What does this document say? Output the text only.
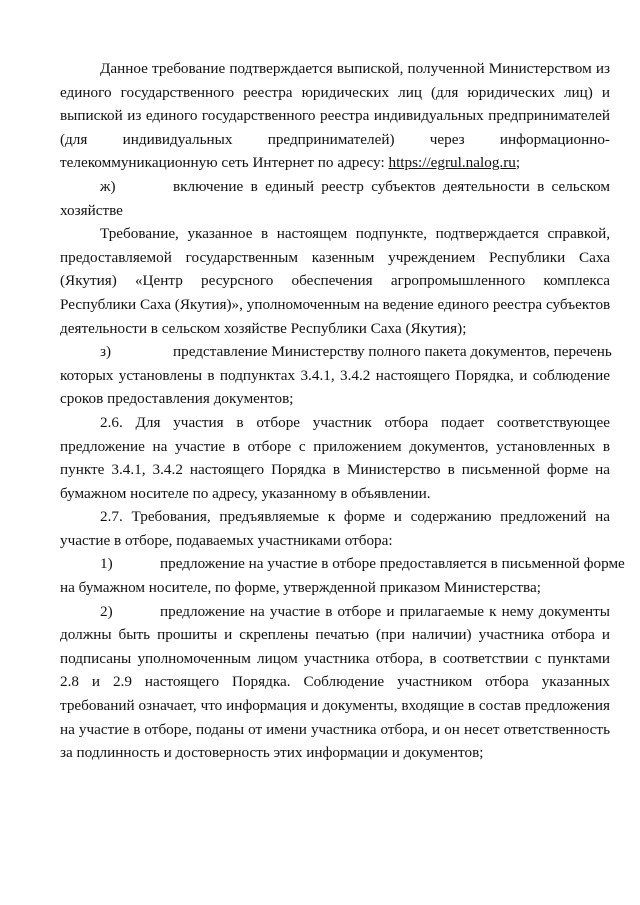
Данное требование подтверждается выпиской, полученной Министерством из
единого государственного реестра юридических лиц (для юридических лиц) и
выпиской из единого государственного реестра индивидуальных предпринимателей
(для индивидуальных предпринимателей) через информационно-
телекоммуникационную сеть Интернет по адресу: https://egrul.nalog.ru;

ж)	включение в единый реестр субъектов деятельности в сельском
хозяйстве

Требование, указанное в настоящем подпункте, подтверждается справкой,
предоставляемой государственным казенным учреждением Республики Саха
(Якутия) «Центр ресурсного обеспечения агропромышленного комплекса
Республики Саха (Якутия)», уполномоченным на ведение единого реестра субъектов
деятельности в сельском хозяйстве Республики Саха (Якутия);

з)	представление Министерству полного пакета документов, перечень
которых установлены в подпунктах 3.4.1, 3.4.2 настоящего Порядка, и соблюдение
сроков предоставления документов;

2.6. Для участия в отборе участник отбора подает соответствующее
предложение на участие в отборе с приложением документов, установленных в
пункте 3.4.1, 3.4.2 настоящего Порядка в Министерство в письменной форме на
бумажном носителе по адресу, указанному в объявлении.

2.7. Требования, предъявляемые к форме и содержанию предложений на
участие в отборе, подаваемых участниками отбора:

1)	предложение на участие в отборе предоставляется в письменной форме
на бумажном носителе, по форме, утвержденной приказом Министерства;

2)	предложение на участие в отборе и прилагаемые к нему документы
должны быть прошиты и скреплены печатью (при наличии) участника отбора и
подписаны уполномоченным лицом участника отбора, в соответствии с пунктами
2.8 и 2.9 настоящего Порядка. Соблюдение участником отбора указанных
требований означает, что информация и документы, входящие в состав предложения
на участие в отборе, поданы от имени участника отбора, и он несет ответственность
за подлинность и достоверность этих информации и документов;
